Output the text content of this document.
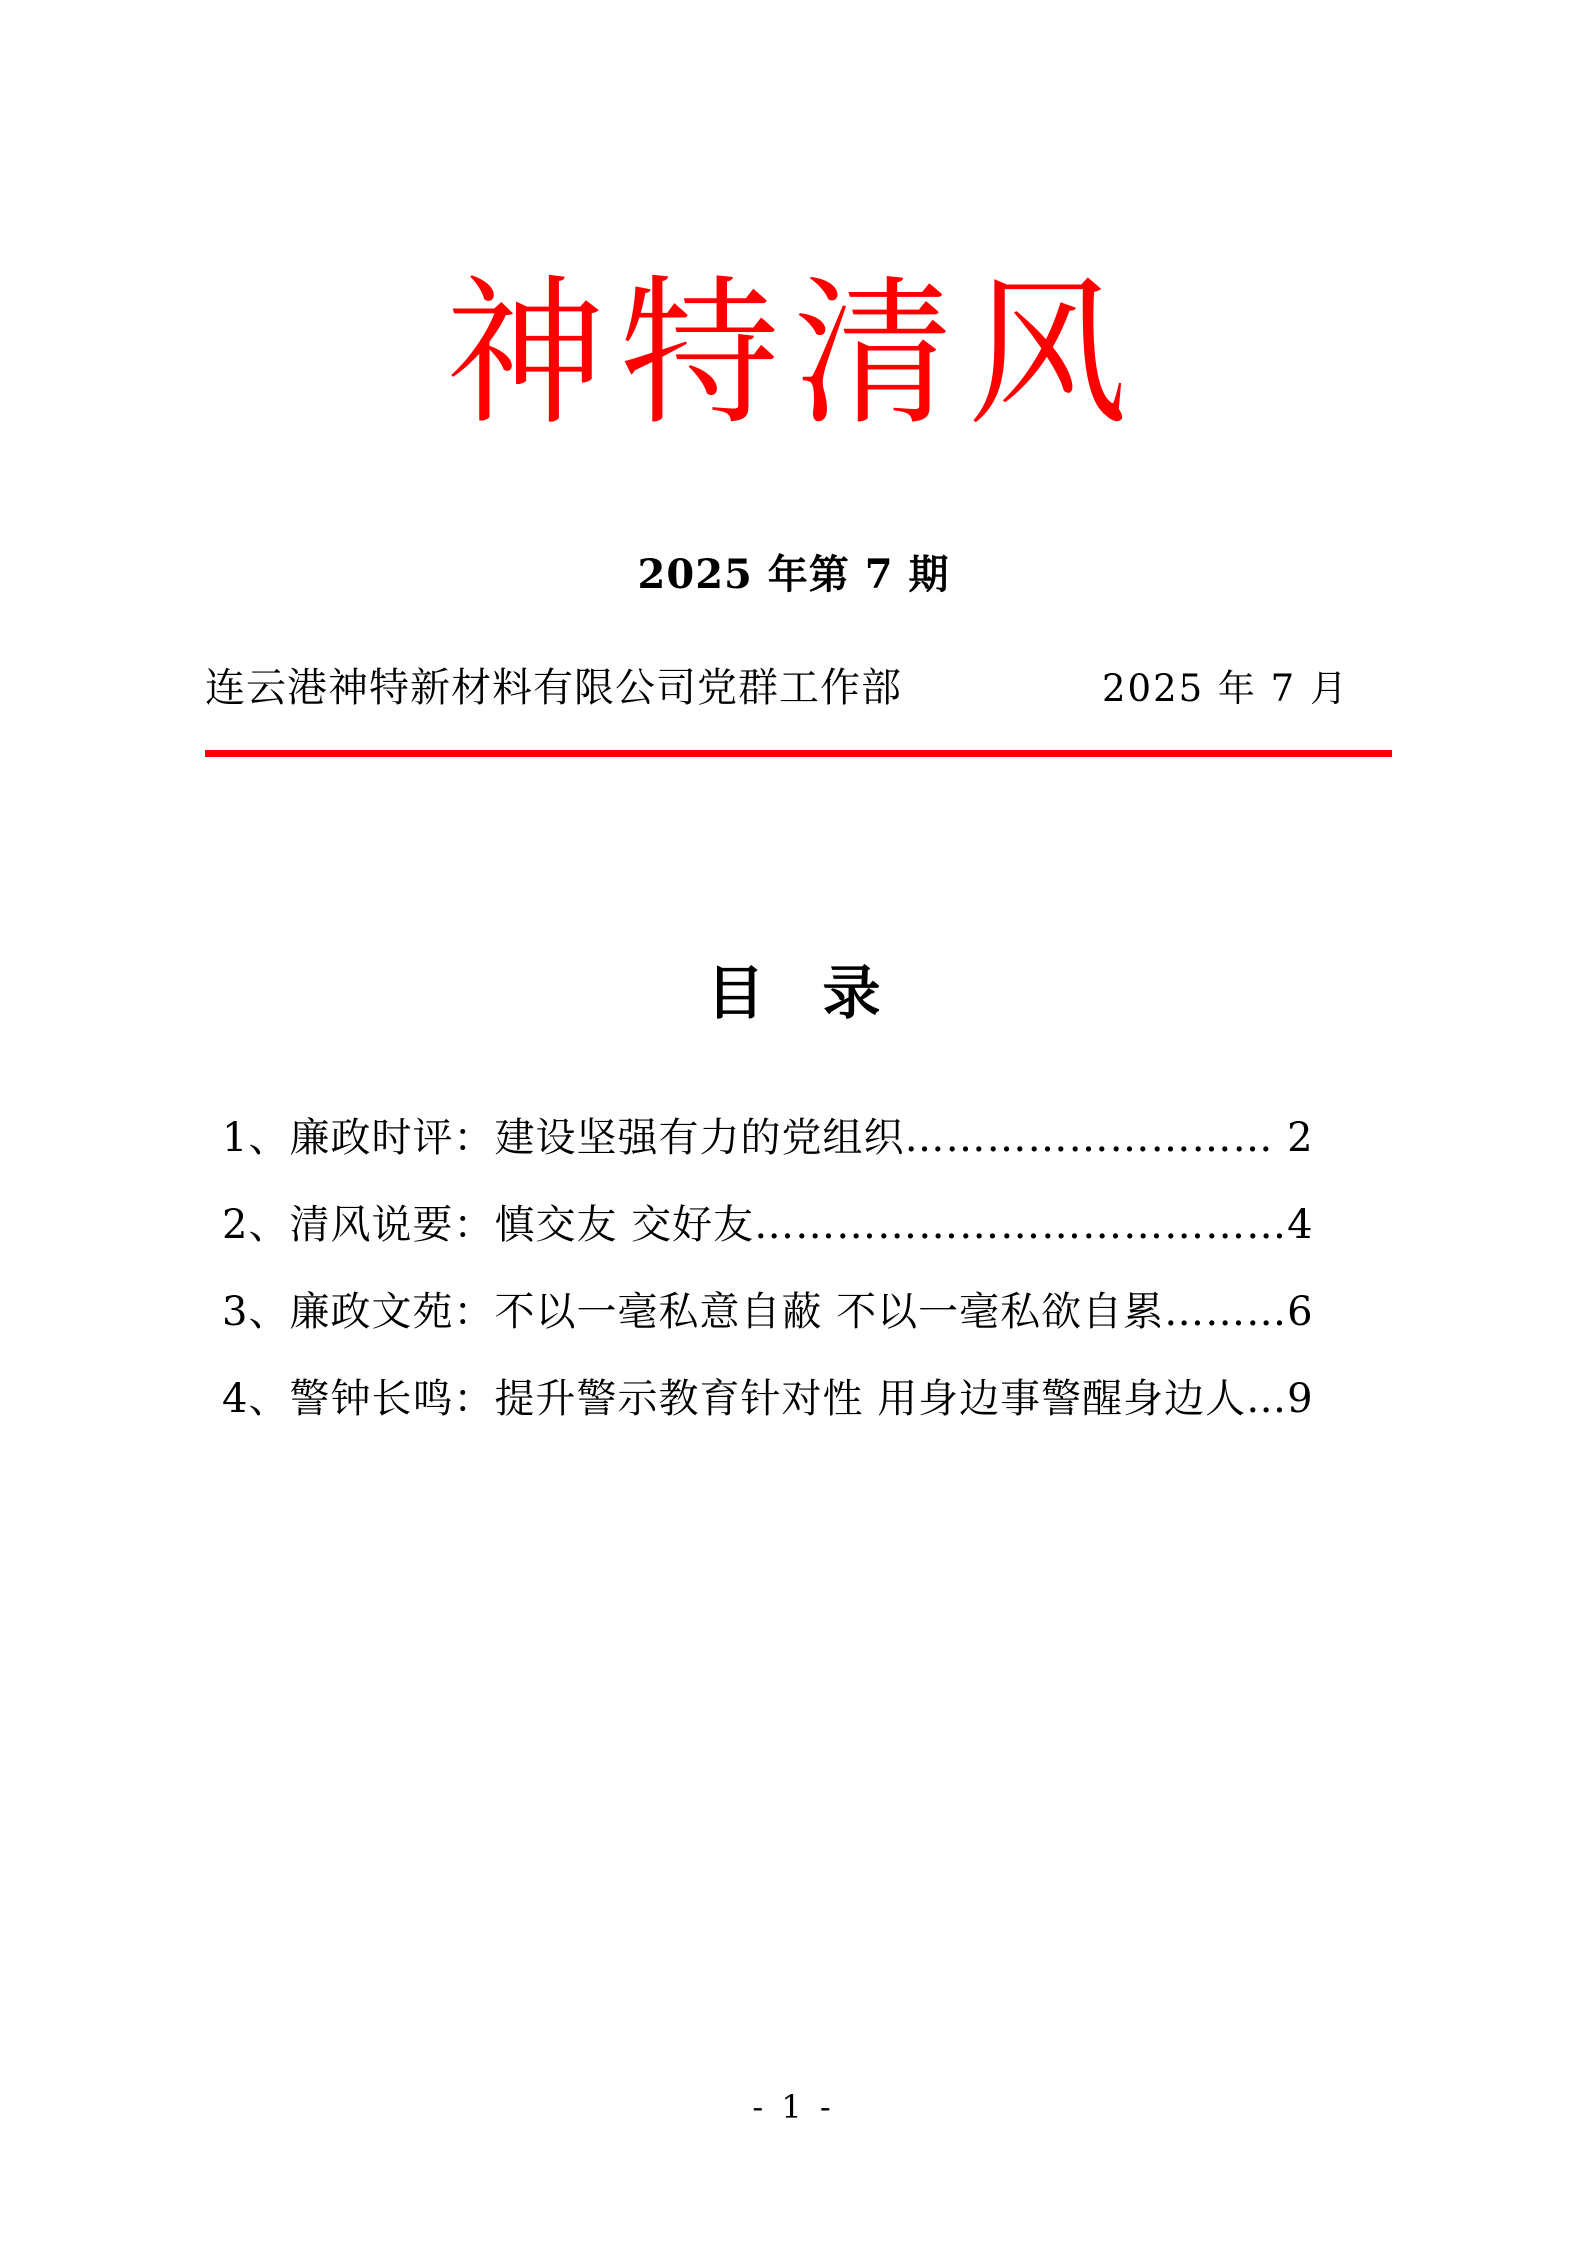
神特清风
2025 年第 7 期
连云港神特新材料有限公司党群工作部	2025 年 7 月
目　录
1、廉政时评：建设坚强有力的党组织……………………… 2
2、清风说要：慎交友 交好友…………………………………4
3、廉政文苑：不以一毫私意自蔽 不以一毫私欲自累………6
4、警钟长鸣：提升警示教育针对性 用身边事警醒身边人…9
- 1 -
